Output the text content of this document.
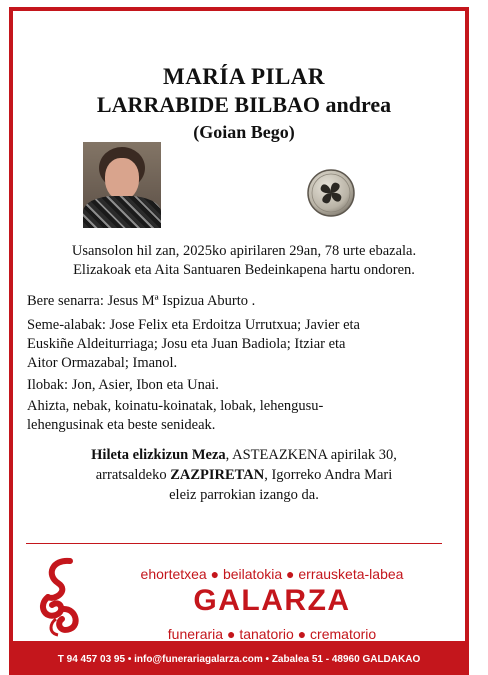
MARÍA PILAR
LARRABIDE BILBAO andrea
(Goian Bego)
Usansolon hil zan, 2025ko apirilaren 29an, 78 urte ebazala.
Elizakoak eta Aita Santuaren Bedeinkapena hartu ondoren.
Bere senarra: Jesus Mª Ispizua Aburto .
Seme-alabak: Jose Felix eta Erdoitza Urrutxua; Javier eta
Euskiñe Aldeiturriaga; Josu eta Juan Badiola; Itziar eta
Aitor Ormazabal; Imanol.
Ilobak: Jon, Asier, Ibon eta Unai.
Ahizta, nebak, koinatu-koinatak, lobak, lehengusu-
lehengusinak eta beste senideak.
Hileta elizkizun Meza, ASTEAZKENA apirilak 30,
arratsaldeko ZAZPIRETAN, Igorreko Andra Mari
eleiz parrokian izango da.
ehortetxea ● beilatokia ● errausketa-labea
GALARZA
funeraria ● tanatorio ● crematorio
T 94 457 03 95 • info@funerariagalarza.com • Zabalea 51 - 48960 GALDAKAO
